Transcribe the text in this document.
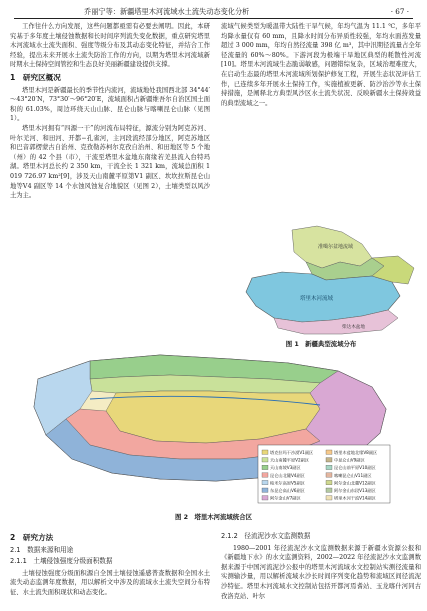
乔丽宁等：新疆塔里木河流域水土流失动态变化分析	· 67 ·

工作往什么方向发展，这些问题都亟需有必要去阐明。因此，本研究基于多年度土壤侵蚀数据和长时间序列流失变化数据，重点研究塔里木河流域水土流失面积、强度等级分布及其动态变化特征，并结合工作经验，提出未来开展水土流失防治工作的方向，以期为塔里木河流域新时期水土保持空间管控和生态良好美丽新疆建设提供支撑。

1　研究区概况

塔里木河是新疆最长的季节性内流河，流域地处我国西北部 34°44′～43°20′N，73°30′～96°20′E，流域面积占新疆维吾尔自治区国土面积的 61.03%，周边环绕天山山脉、昆仑山脉与喀喇昆仑山脉（见图 1）。

塔里木河拥有“四源一干”的河流布局特征，源流分别为阿克苏河、叶尔羌河、和田河、开都−孔雀河，主河段流经部分地区，阿克苏地区和巴音郭楞蒙古自治州、克孜勒苏柯尔克孜自治州、和田地区等 5 个地（州）的 42 个县（市），干流至塔里木盆地东南缘若羌县流入台特玛湖。塔里木河总长约 2 350 km，干流全长 1 321 km，流域总面积 1 019 726.97 km²[9]，涉及天山南麓平原第Ⅴ1 副区、坎坎拉斯昆仑山地等Ⅴ4 副区等 14 个水蚀风蚀复合地貌区（见图 2），土壤类型以风沙土为主。

流域气候类型为暖温带大陆性干旱气候，年均气温为 11.1 ℃，多年平均降水量仅有 60 mm，且降水时间分布异质性较强，年均水面蒸发量超过 3 000 mm，年均自然径流量 398 亿 m³，其中汛期径流量占全年径流量的 60%～80%。下游河段为极端干旱地区典型的耗散性河流[10]。塔里木河流域生态脆弱敏感，问题错综复杂，区域治理难度大，在启动生态最的塔里木河流域所划保护修复工程，开展生态状况评估工作，已连续多年开展水土保持工作，实施植被更新、防沙治沙等水土保持措施，是阐释北方典型风沙区水土流失状况、反映新疆水土保持效益的典型流域之一。

准噶尔盆地流域
塔里木河流域
柴达木盆地
图 1　新疆典型流域分布
塔克拉玛干沙漠Ⅴ1副区
天山南麓平原Ⅴ2副区
天山南坡Ⅴ3副区
昆仑山北麓Ⅴ4副区
帕米尔高原Ⅴ5副区
东昆仑高山Ⅴ6副区
阿尔金山Ⅴ7副区
塔里木盆地北缘Ⅴ8副区
中昆仑山Ⅴ9副区
昆仑山前平原Ⅴ10副区
喀喇昆仑山Ⅴ11副区
阿尔金山北麓Ⅴ12副区
阿尔金山东段Ⅴ13副区
塔里木河干流Ⅴ14副区
图 2　塔里木河流域统合区
2　研究方法
2.1　数据来源和用途
2.1.1　土壤侵蚀强度分级面积数据

土壤侵蚀强度分级面积源自全国土壤侵蚀遥感普查数据和全国水土流失动态监测年度数据，用以解析文中涉及的流域水土流失空间分布特征、水土流失面积现状和动态变化。

2.1.2　径流泥沙水文监测数据

1980—2001 年径流泥沙水文监测数据来源于新疆水资源公报和《新疆地下水》的水文监测资料，2002—2022 年径流泥沙水文监测数据来源于中国河流泥沙公报中的塔里木河流域水文控制站实测径流量和实测输沙量，用以解析流域水沙长时间序列变化趋势和流域区间径流泥沙特征。塔里木河流域水文控制站包括开都河焉耆站、玉龙喀什河同古孜洛克站、叶尔
